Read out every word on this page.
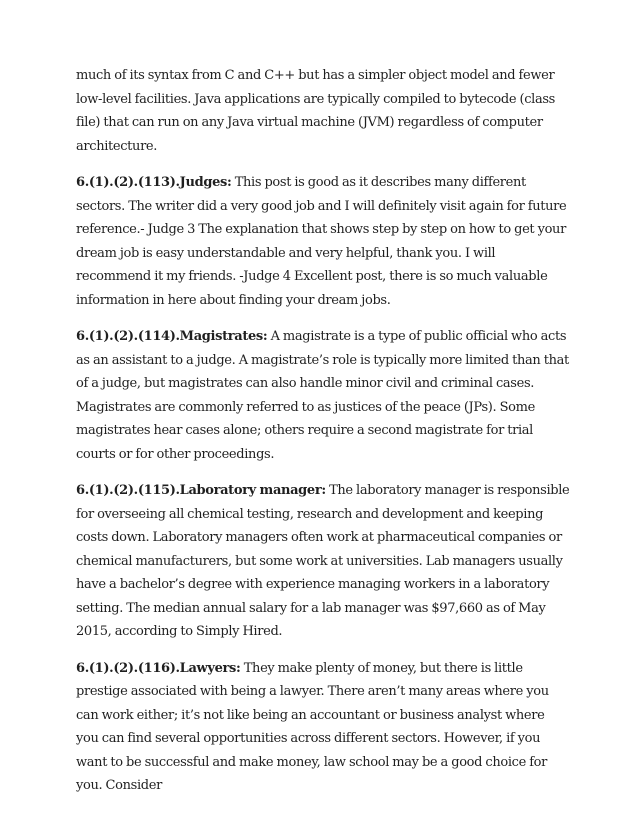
much of its syntax from C and C++ but has a simpler object model and fewer low-level facilities. Java applications are typically compiled to bytecode (class file) that can run on any Java virtual machine (JVM) regardless of computer architecture.

6.(1).(2).(113).Judges: This post is good as it describes many different sectors. The writer did a very good job and I will definitely visit again for future reference.- Judge 3 The explanation that shows step by step on how to get your dream job is easy understandable and very helpful, thank you. I will recommend it my friends. -Judge 4 Excellent post, there is so much valuable information in here about finding your dream jobs.

6.(1).(2).(114).Magistrates: A magistrate is a type of public official who acts as an assistant to a judge. A magistrate’s role is typically more limited than that of a judge, but magistrates can also handle minor civil and criminal cases. Magistrates are commonly referred to as justices of the peace (JPs). Some magistrates hear cases alone; others require a second magistrate for trial courts or for other proceedings.

6.(1).(2).(115).Laboratory manager: The laboratory manager is responsible for overseeing all chemical testing, research and development and keeping costs down. Laboratory managers often work at pharmaceutical companies or chemical manufacturers, but some work at universities. Lab managers usually have a bachelor’s degree with experience managing workers in a laboratory setting. The median annual salary for a lab manager was $97,660 as of May 2015, according to Simply Hired.

6.(1).(2).(116).Lawyers: They make plenty of money, but there is little prestige associated with being a lawyer. There aren’t many areas where you can work either; it’s not like being an accountant or business analyst where you can find several opportunities across different sectors. However, if you want to be successful and make money, law school may be a good choice for you. Consider
